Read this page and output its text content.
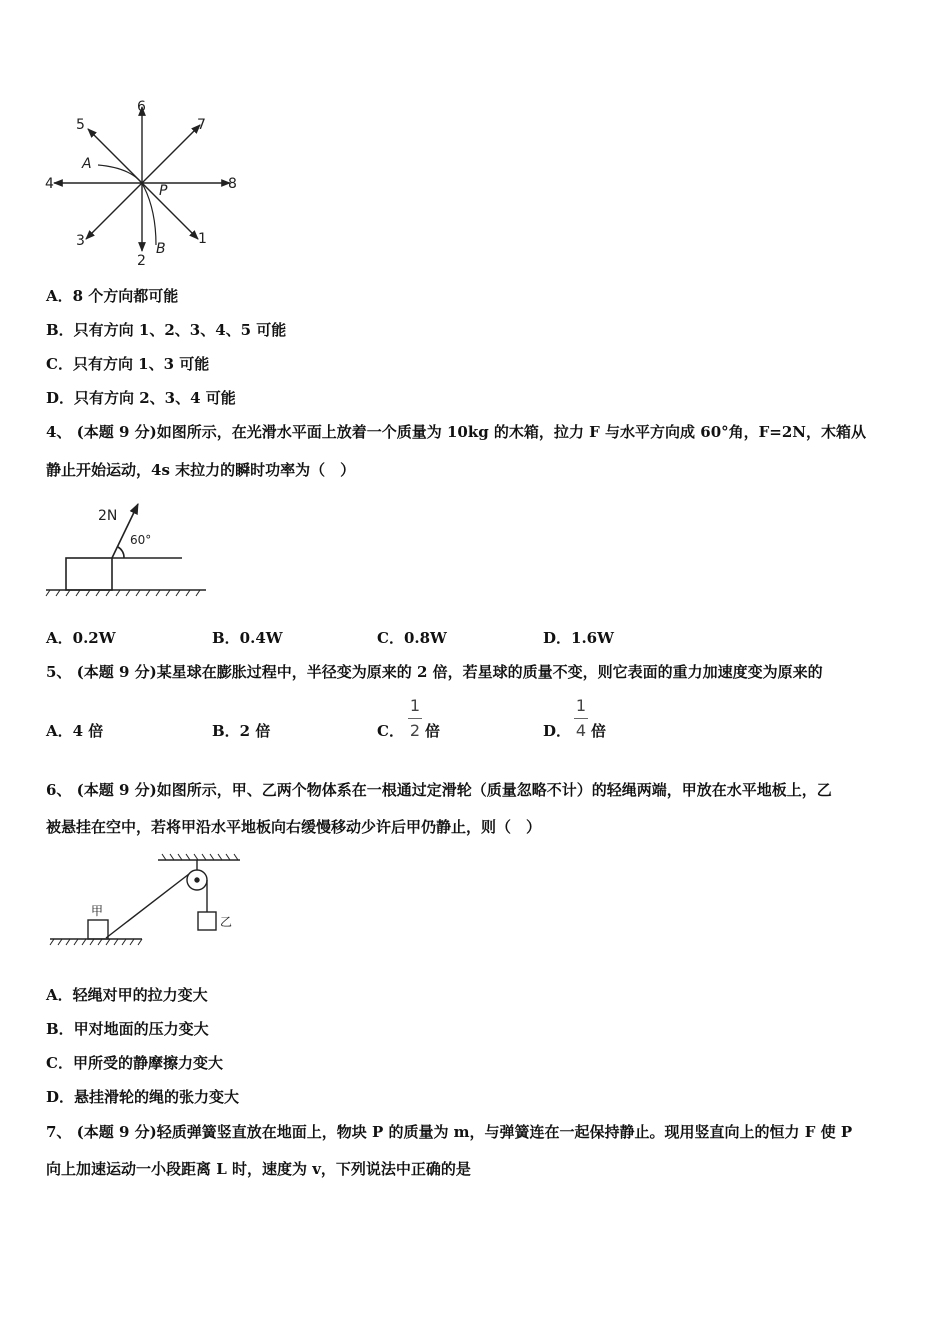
1
2
3
4
5
6
7
8
A
P
B
A．8 个方向都可能
B．只有方向 1、2、3、4、5 可能
C．只有方向 1、3 可能
D．只有方向 2、3、4 可能
4、 (本题 9 分)如图所示，在光滑水平面上放着一个质量为 10kg 的木箱，拉力 F 与水平方向成 60°角，F=2N，木箱从
静止开始运动，4s 末拉力的瞬时功率为（　）
2N
60°
A．0.2W	B．0.4W	C．0.8W	D．1.6W
5、 (本题 9 分)某星球在膨胀过程中，半径变为原来的 2 倍，若星球的质量不变，则它表面的重力加速度变为原来的
A．4 倍	B．2 倍	C．
1
2 倍	D．
1
4 倍
6、 (本题 9 分)如图所示，甲、乙两个物体系在一根通过定滑轮（质量忽略不计）的轻绳两端，甲放在水平地板上，乙
被悬挂在空中，若将甲沿水平地板向右缓慢移动少许后甲仍静止，则（　）
甲
乙
A．轻绳对甲的拉力变大
B．甲对地面的压力变大
C．甲所受的静摩擦力变大
D．悬挂滑轮的绳的张力变大
7、 (本题 9 分)轻质弹簧竖直放在地面上，物块 P 的质量为 m，与弹簧连在一起保持静止。现用竖直向上的恒力 F 使 P
向上加速运动一小段距离 L 时，速度为 v，下列说法中正确的是
